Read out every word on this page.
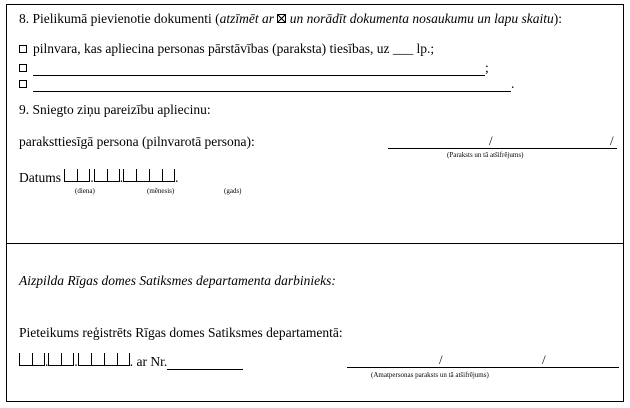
8. Pielikumā pievienotie dokumenti (atzīmēt ar  un norādīt dokumenta nosaukumu un lapu skaitu):
pilnvara, kas apliecina personas pārstāvības (paraksta) tiesības, uz ___ lp.;
;
.
9. Sniegto ziņu pareizību apliecinu:
paraksttiesīgā persona (pilnvarotā persona):	/	/
(Paraksts un tā atšifrējums)
Datums . .	.
(diena)	(mēnesis)	(gads)
Aizpilda Rīgas domes Satiksmes departamenta darbinieks:
Pieteikums reģistrēts Rīgas domes Satiksmes departamentā:
. .	. ar Nr.	/	/
(Amatpersonas paraksts un tā atšifrējums)
